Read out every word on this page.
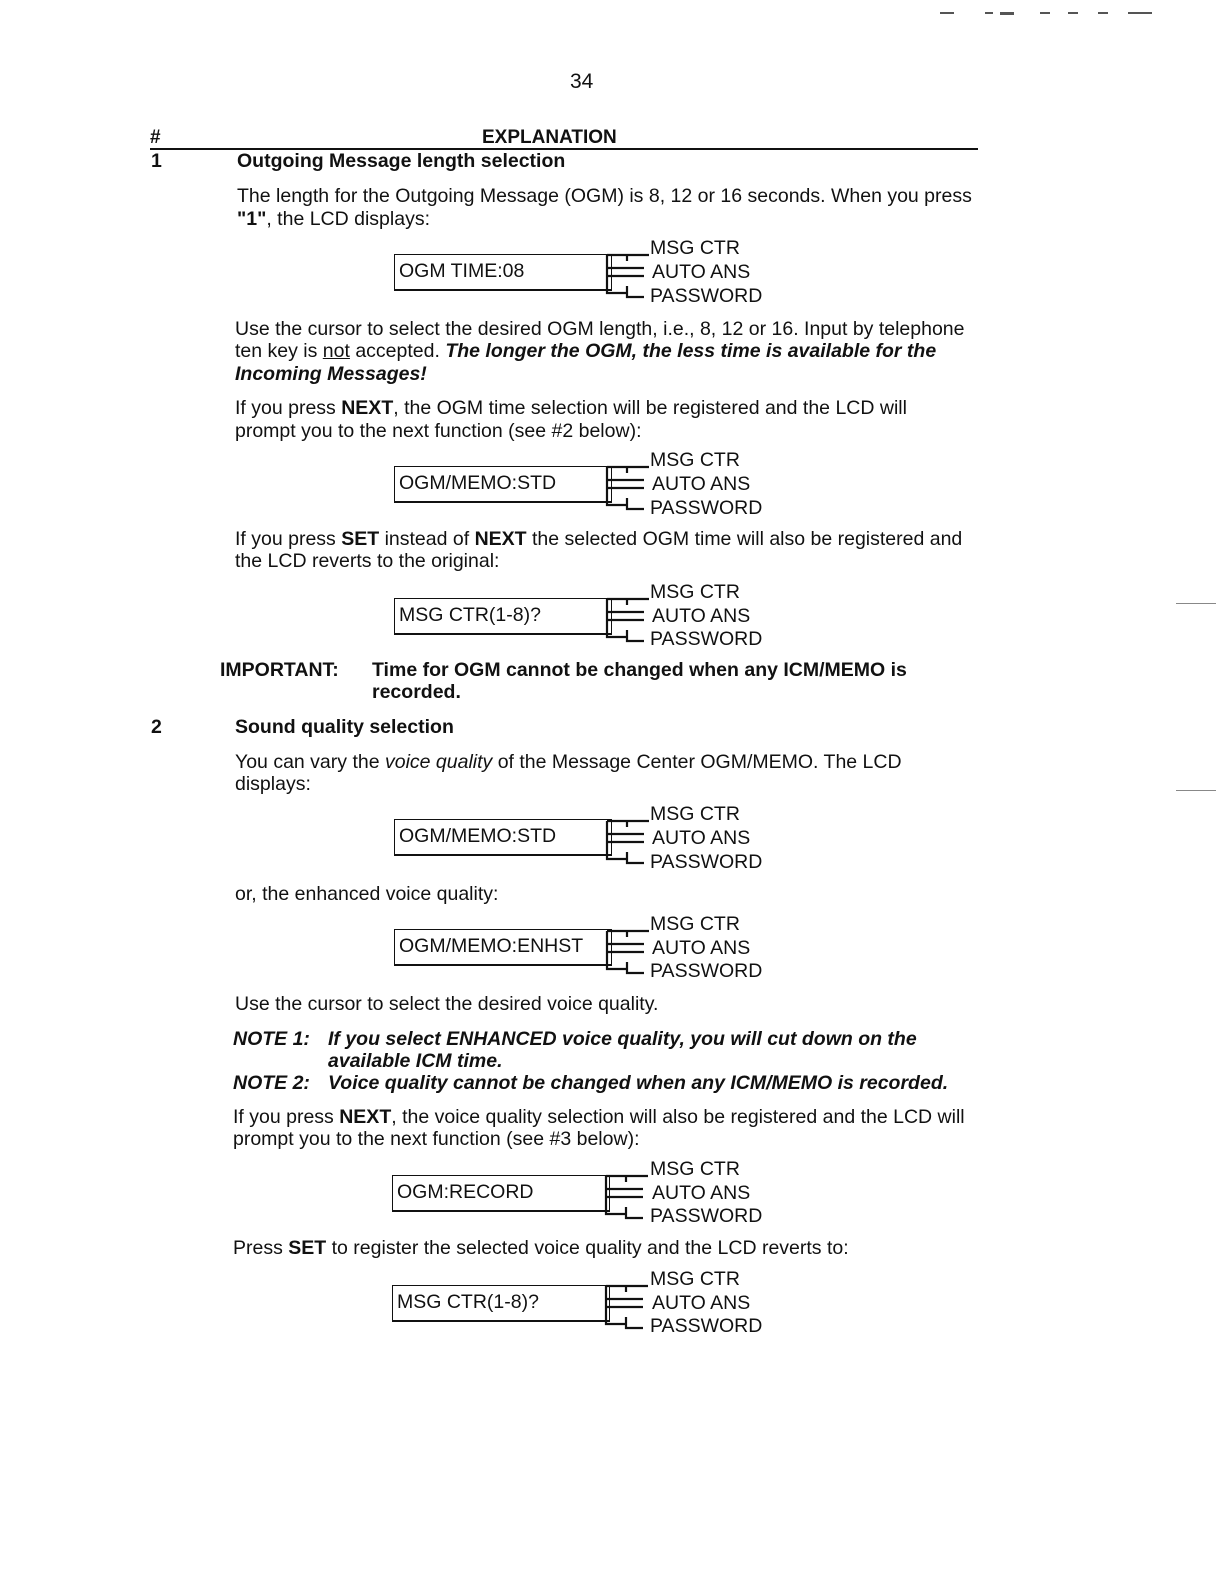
34
#	EXPLANATION
1	Outgoing Message length selection
The length for the Outgoing Message (OGM) is 8, 12 or 16 seconds. When you press
"1", the LCD displays:
OGM TIME:08
MSG CTR
AUTO ANS
PASSWORD
Use the cursor to select the desired OGM length, i.e., 8, 12 or 16. Input by telephone
ten key is not accepted. The longer the OGM, the less time is available for the
Incoming Messages!
If you press NEXT, the OGM time selection will be registered and the LCD will
prompt you to the next function (see #2 below):
OGM/MEMO:STD
MSG CTR
AUTO ANS
PASSWORD
If you press SET instead of NEXT the selected OGM time will also be registered and
the LCD reverts to the original:
MSG CTR(1-8)?
MSG CTR
AUTO ANS
PASSWORD
IMPORTANT: Time for OGM cannot be changed when any ICM/MEMO is
recorded.
2	Sound quality selection
You can vary the voice quality of the Message Center OGM/MEMO. The LCD
displays:
OGM/MEMO:STD
MSG CTR
AUTO ANS
PASSWORD
or, the enhanced voice quality:
OGM/MEMO:ENHST
MSG CTR
AUTO ANS
PASSWORD
Use the cursor to select the desired voice quality.
NOTE 1: If you select ENHANCED voice quality, you will cut down on the
available ICM time.
NOTE 2: Voice quality cannot be changed when any ICM/MEMO is recorded.
If you press NEXT, the voice quality selection will also be registered and the LCD will
prompt you to the next function (see #3 below):
OGM:RECORD
MSG CTR
AUTO ANS
PASSWORD
Press SET to register the selected voice quality and the LCD reverts to:
MSG CTR(1-8)?
MSG CTR
AUTO ANS
PASSWORD
